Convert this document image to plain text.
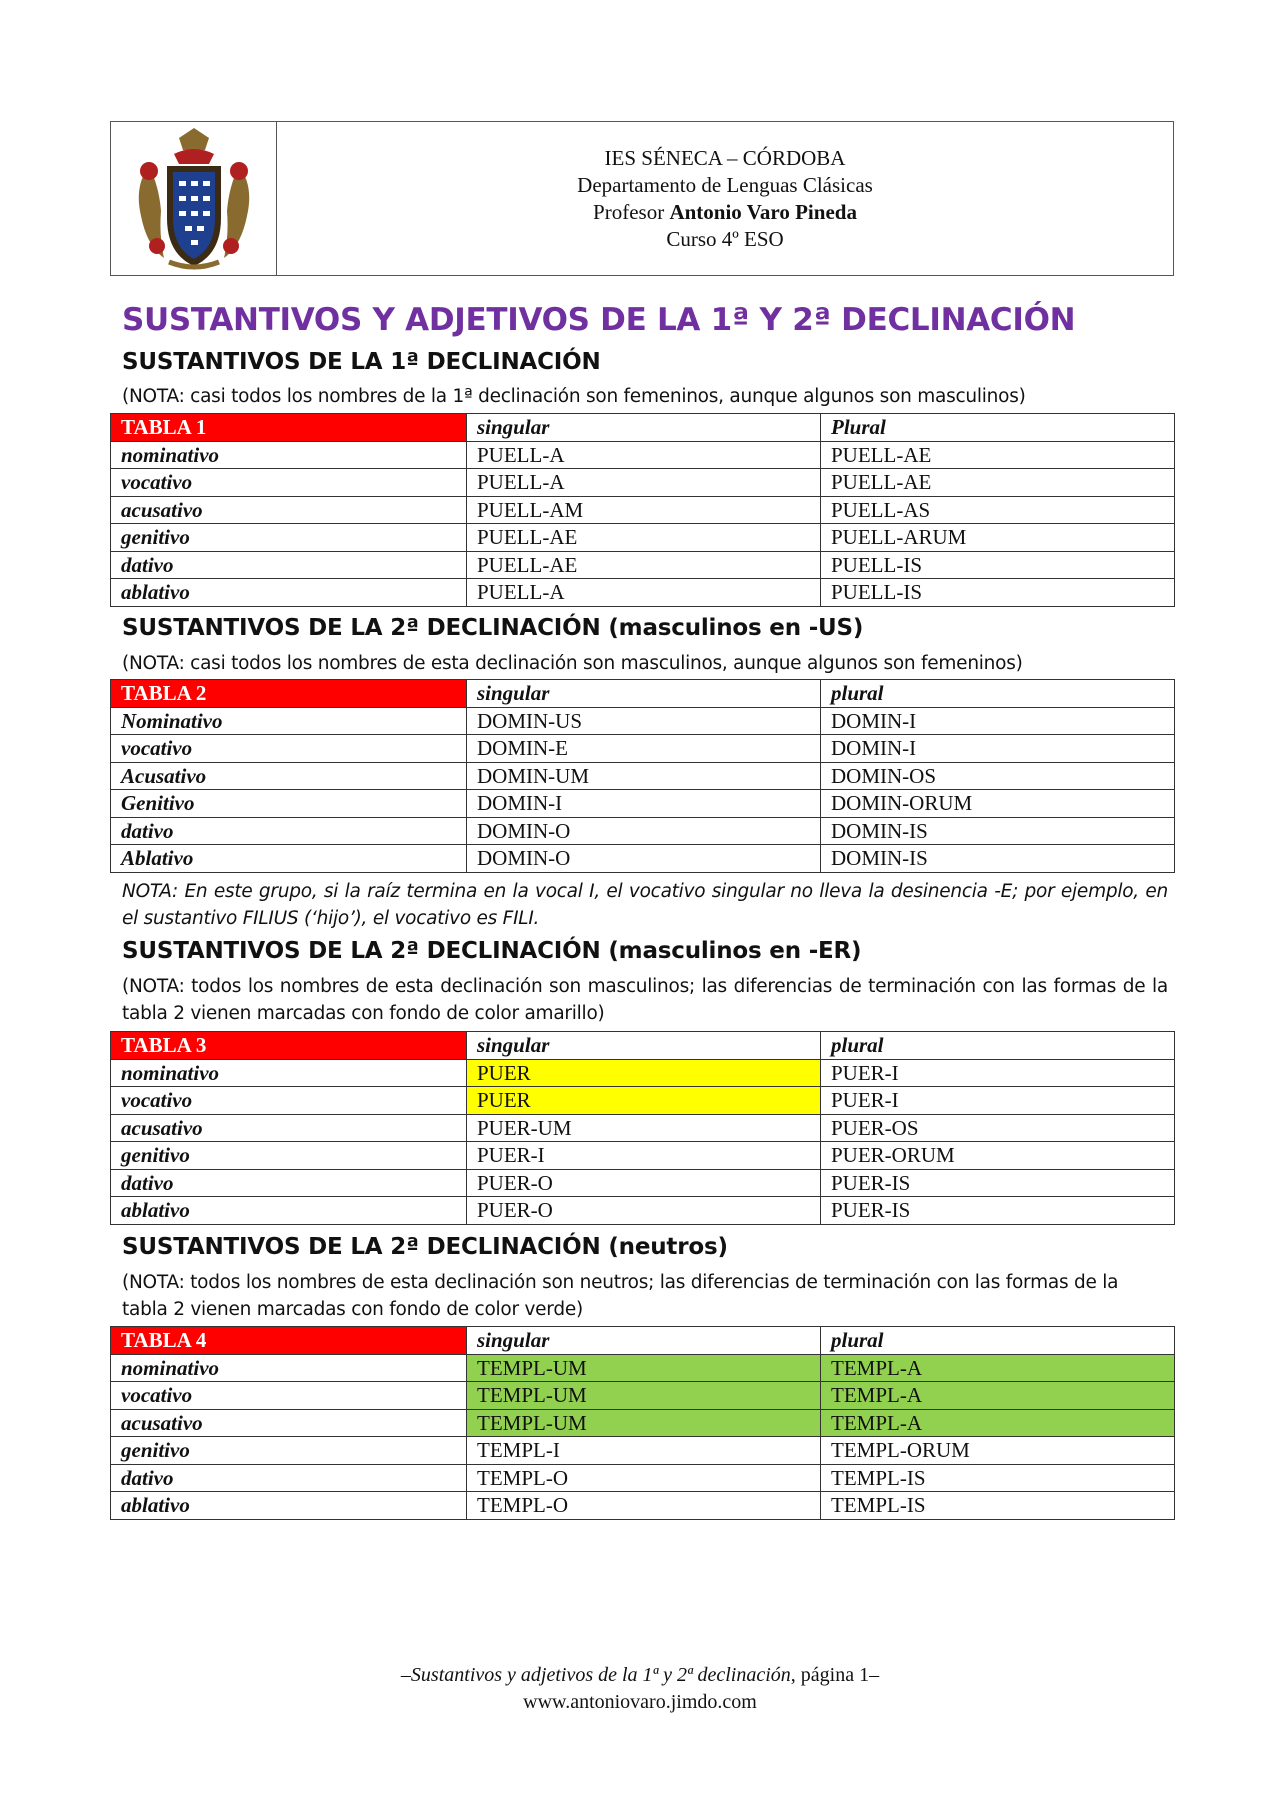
IES SÉNECA – CÓRDOBA
Departamento de Lenguas Clásicas
Profesor Antonio Varo Pineda
Curso 4º ESO
SUSTANTIVOS Y ADJETIVOS DE LA 1ª Y 2ª DECLINACIÓN
SUSTANTIVOS DE LA 1ª DECLINACIÓN

(NOTA: casi todos los nombres de la 1ª declinación son femeninos, aunque algunos son masculinos)

TABLA 1	singular	Plural
nominativo	PUELL-A	PUELL-AE
vocativo	PUELL-A	PUELL-AE
acusativo	PUELL-AM	PUELL-AS
genitivo	PUELL-AE	PUELL-ARUM
dativo	PUELL-AE	PUELL-IS
ablativo	PUELL-A	PUELL-IS
SUSTANTIVOS DE LA 2ª DECLINACIÓN (masculinos en -US)

(NOTA: casi todos los nombres de esta declinación son masculinos, aunque algunos son femeninos)

TABLA 2	singular	plural
Nominativo	DOMIN-US	DOMIN-I
vocativo	DOMIN-E	DOMIN-I
Acusativo	DOMIN-UM	DOMIN-OS
Genitivo	DOMIN-I	DOMIN-ORUM
dativo	DOMIN-O	DOMIN-IS
Ablativo	DOMIN-O	DOMIN-IS

NOTA: En este grupo, si la raíz termina en la vocal I, el vocativo singular no lleva la desinencia -E; por ejemplo, en el sustantivo FILIUS (‘hijo’), el vocativo es FILI.

SUSTANTIVOS DE LA 2ª DECLINACIÓN (masculinos en -ER)

(NOTA: todos los nombres de esta declinación son masculinos; las diferencias de terminación con las formas de la tabla 2 vienen marcadas con fondo de color amarillo)

TABLA 3	singular	plural
nominativo	PUER	PUER-I
vocativo	PUER	PUER-I
acusativo	PUER-UM	PUER-OS
genitivo	PUER-I	PUER-ORUM
dativo	PUER-O	PUER-IS
ablativo	PUER-O	PUER-IS
SUSTANTIVOS DE LA 2ª DECLINACIÓN (neutros)

(NOTA: todos los nombres de esta declinación son neutros; las diferencias de terminación con las formas de la tabla 2 vienen marcadas con fondo de color verde)

TABLA 4	singular	plural
nominativo	TEMPL-UM	TEMPL-A
vocativo	TEMPL-UM	TEMPL-A
acusativo	TEMPL-UM	TEMPL-A
genitivo	TEMPL-I	TEMPL-ORUM
dativo	TEMPL-O	TEMPL-IS
ablativo	TEMPL-O	TEMPL-IS
–Sustantivos y adjetivos de la 1ª y 2ª declinación, página 1–
www.antoniovaro.jimdo.com
